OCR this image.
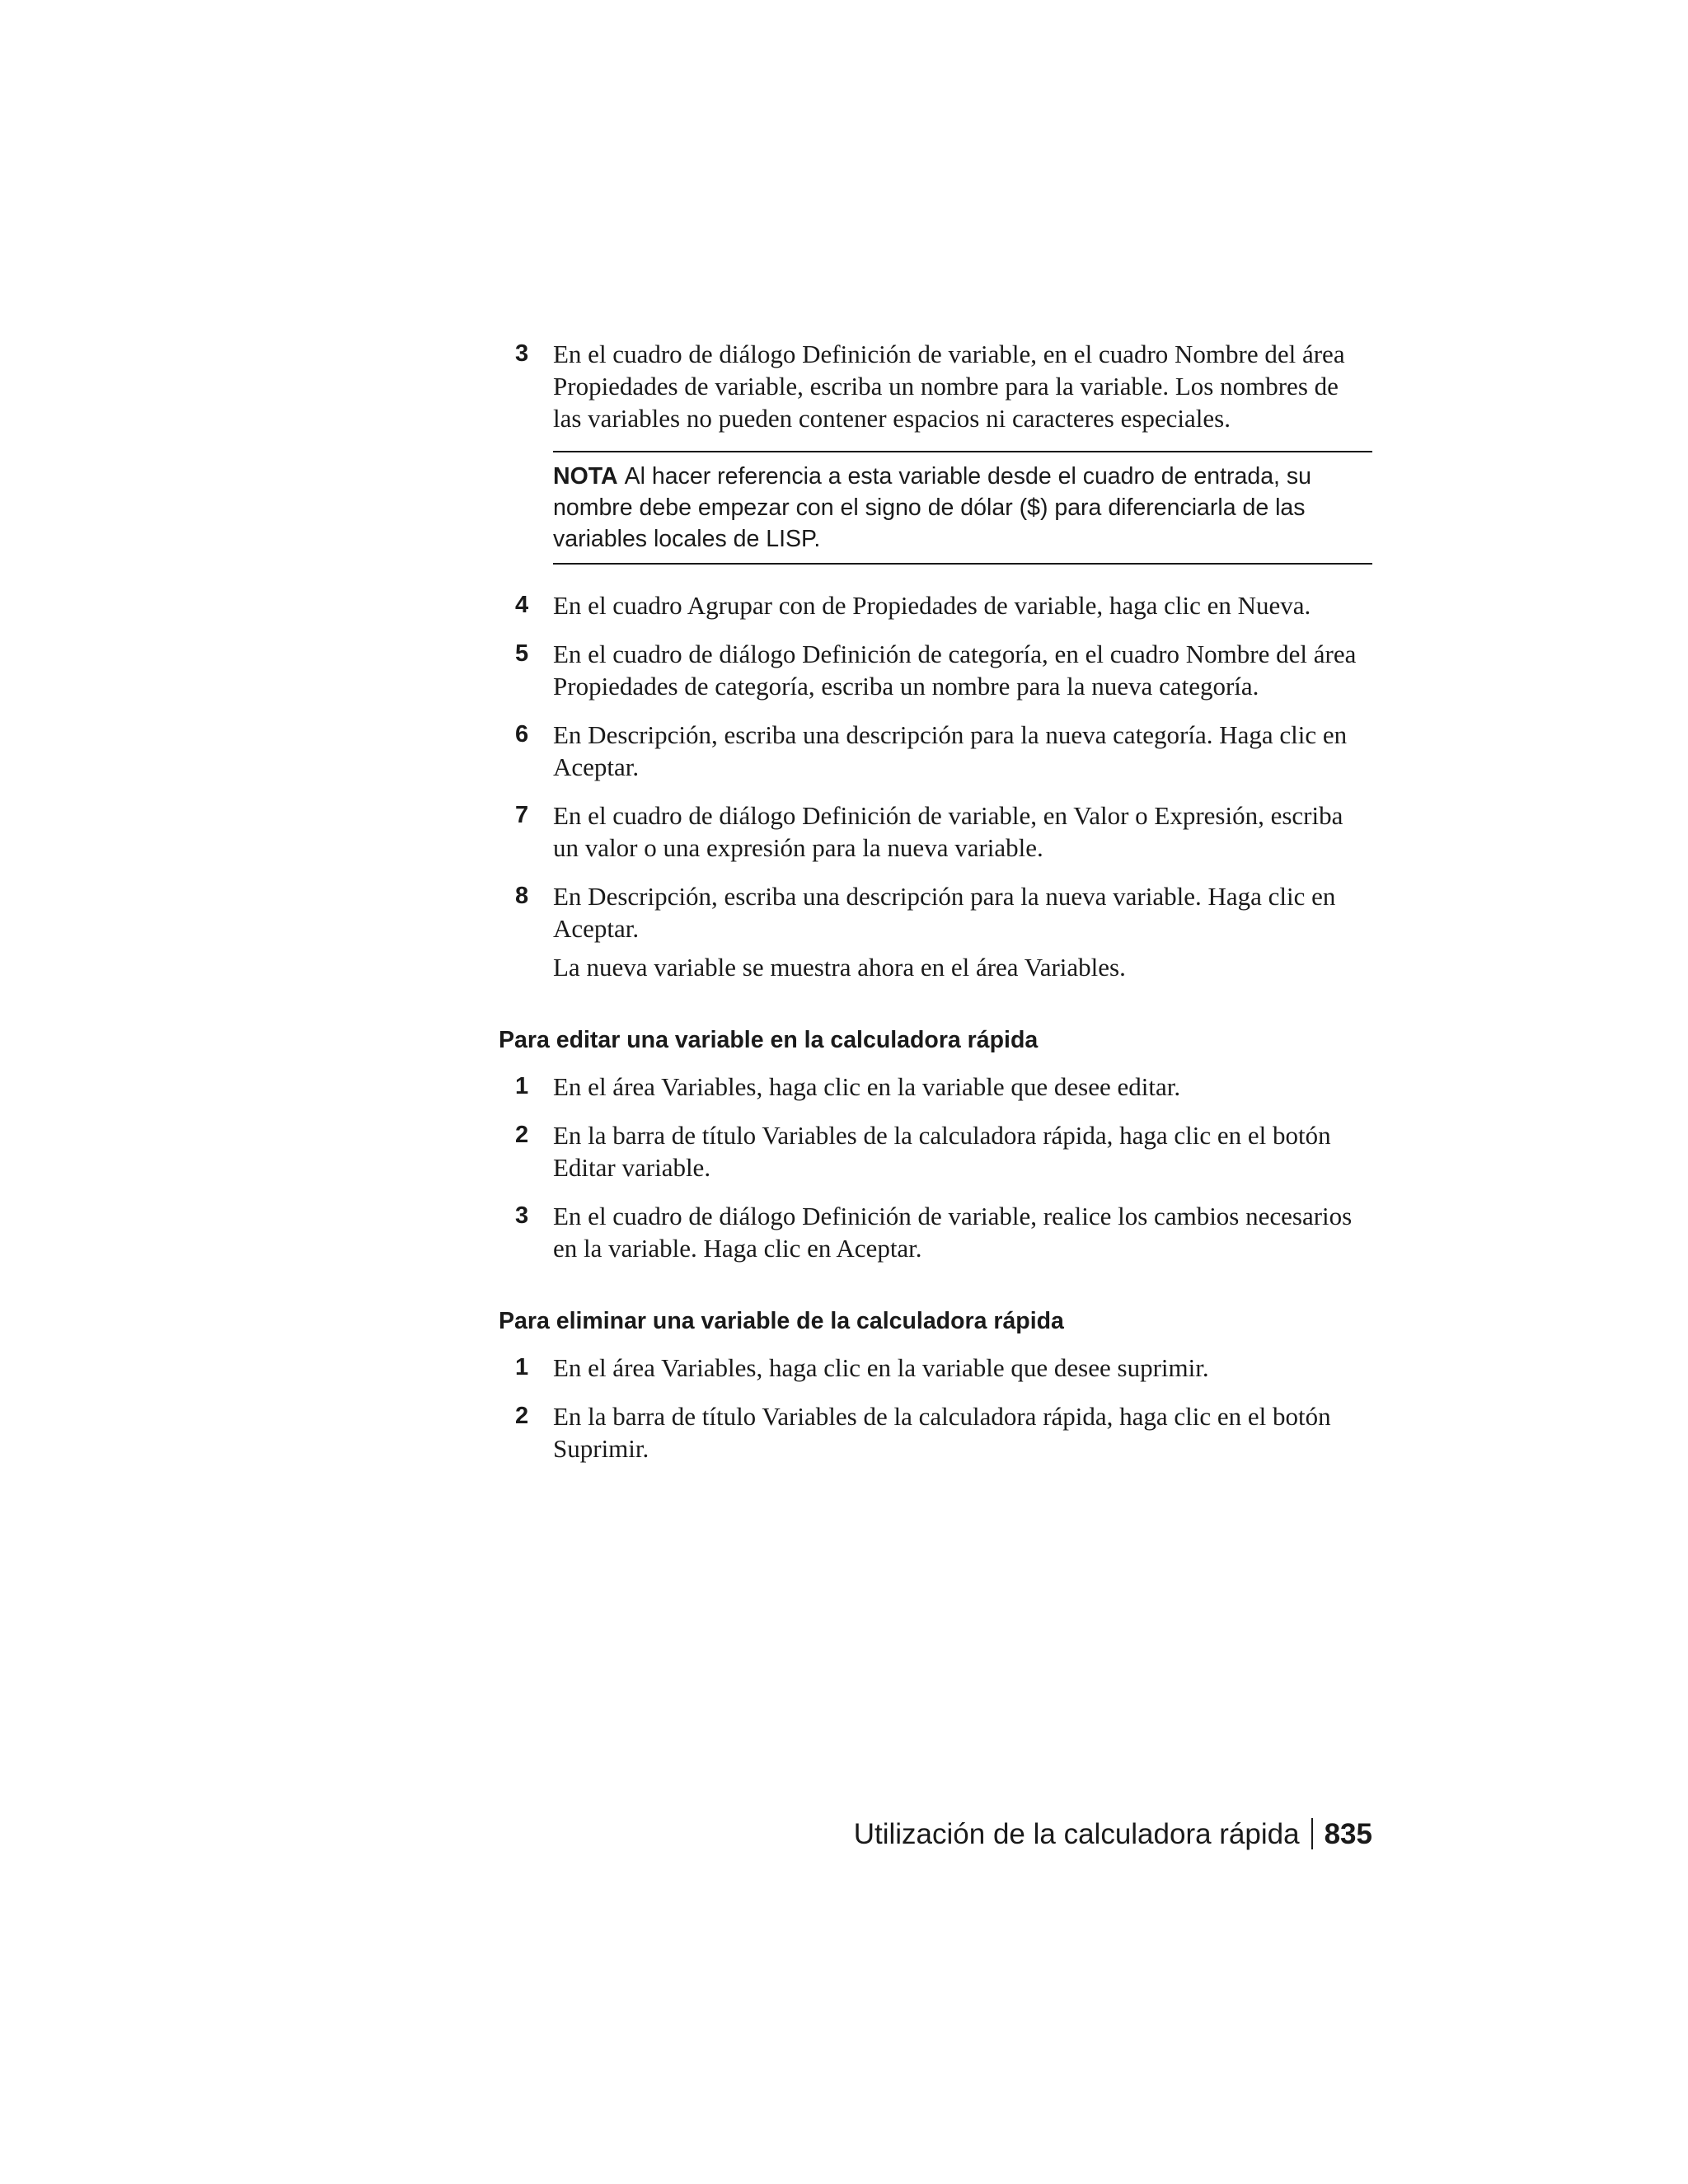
3 En el cuadro de diálogo Definición de variable, en el cuadro Nombre del área Propiedades de variable, escriba un nombre para la variable. Los nombres de las variables no pueden contener espacios ni caracteres especiales.
NOTA Al hacer referencia a esta variable desde el cuadro de entrada, su nombre debe empezar con el signo de dólar ($) para diferenciarla de las variables locales de LISP.
4 En el cuadro Agrupar con de Propiedades de variable, haga clic en Nueva.
5 En el cuadro de diálogo Definición de categoría, en el cuadro Nombre del área Propiedades de categoría, escriba un nombre para la nueva categoría.
6 En Descripción, escriba una descripción para la nueva categoría. Haga clic en Aceptar.
7 En el cuadro de diálogo Definición de variable, en Valor o Expresión, escriba un valor o una expresión para la nueva variable.
8 En Descripción, escriba una descripción para la nueva variable. Haga clic en Aceptar.
La nueva variable se muestra ahora en el área Variables.
Para editar una variable en la calculadora rápida
1 En el área Variables, haga clic en la variable que desee editar.
2 En la barra de título Variables de la calculadora rápida, haga clic en el botón Editar variable.
3 En el cuadro de diálogo Definición de variable, realice los cambios necesarios en la variable. Haga clic en Aceptar.
Para eliminar una variable de la calculadora rápida
1 En el área Variables, haga clic en la variable que desee suprimir.
2 En la barra de título Variables de la calculadora rápida, haga clic en el botón Suprimir.
Utilización de la calculadora rápida 835
